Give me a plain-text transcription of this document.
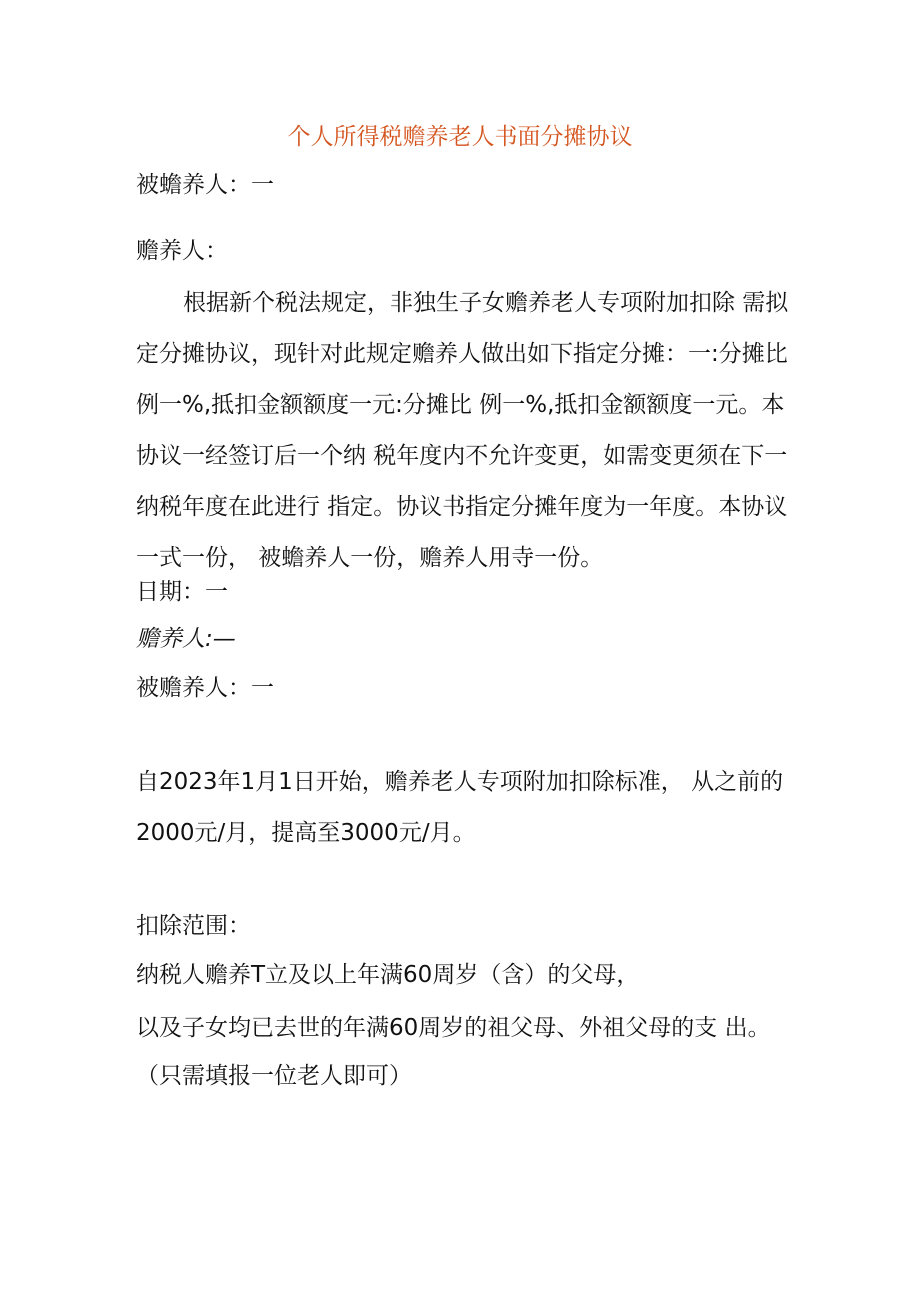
个人所得税赡养老人书面分摊协议
被蟾养人：一
赡养人：
根据新个税法规定，非独生子女赡养老人专项附加扣除 需拟
定分摊协议，现针对此规定赡养人做出如下指定分摊：一:分摊比
例一%,抵扣金额额度一元:分摊比 例一%,抵扣金额额度一元。本
协议一经签订后一个纳 税年度内不允许变更，如需变更须在下一
纳税年度在此进行 指定。协议书指定分摊年度为一年度。本协议
一式一份， 被蟾养人一份，赡养人用寺一份。
日期：一
赡养人:—
被赡养人：一
自2023年1月1日开始，赡养老人专项附加扣除标准， 从之前的
2000元/月，提高至3000元/月。
扣除范围：
纳税人赡养T立及以上年满60周岁（含）的父母，
以及子女均已去世的年满60周岁的祖父母、外祖父母的支 出。
（只需填报一位老人即可）
